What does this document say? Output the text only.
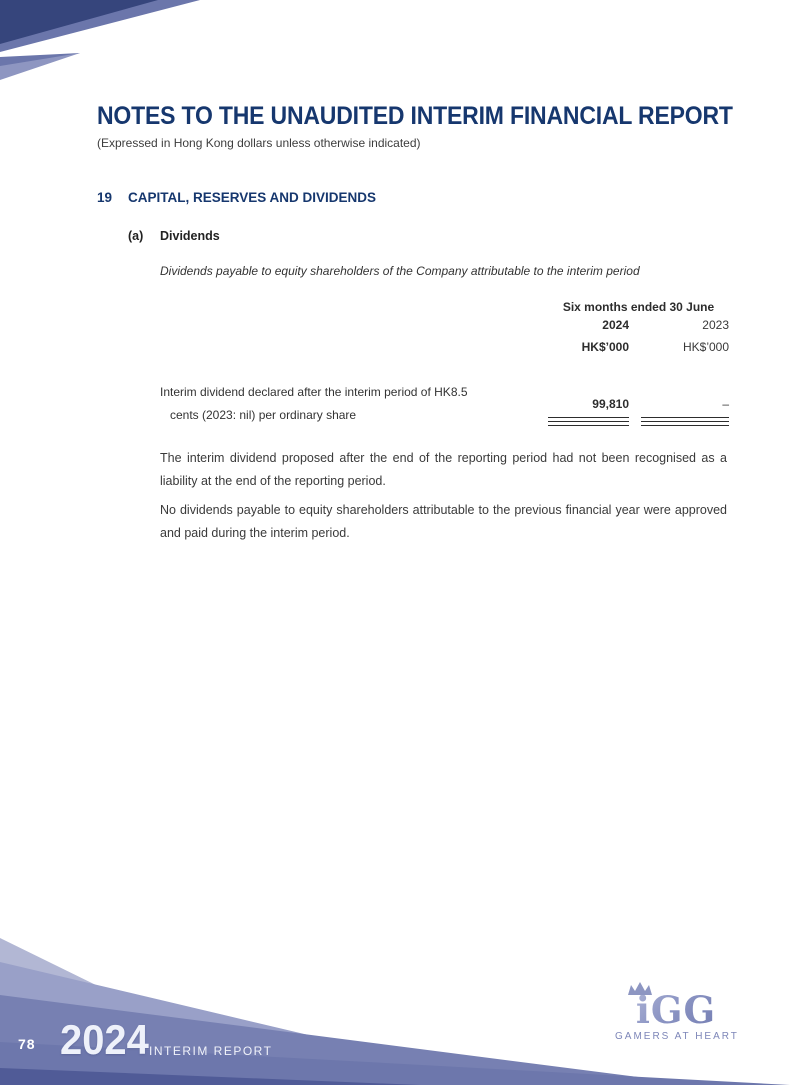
NOTES TO THE UNAUDITED INTERIM FINANCIAL REPORT
(Expressed in Hong Kong dollars unless otherwise indicated)
19 CAPITAL, RESERVES AND DIVIDENDS
(a) Dividends
Dividends payable to equity shareholders of the Company attributable to the interim period
Six months ended 30 June
2024	2023
HK$’000	HK$’000
Interim dividend declared after the interim period of HK8.5
cents (2023: nil) per ordinary share
99,810	–
The interim dividend proposed after the end of the reporting period had not been recognised as a liability at the end of the reporting period.
No dividends payable to equity shareholders attributable to the previous financial year were approved and paid during the interim period.
78 2024 INTERIM REPORT
iGG
GAMERS AT HEART
